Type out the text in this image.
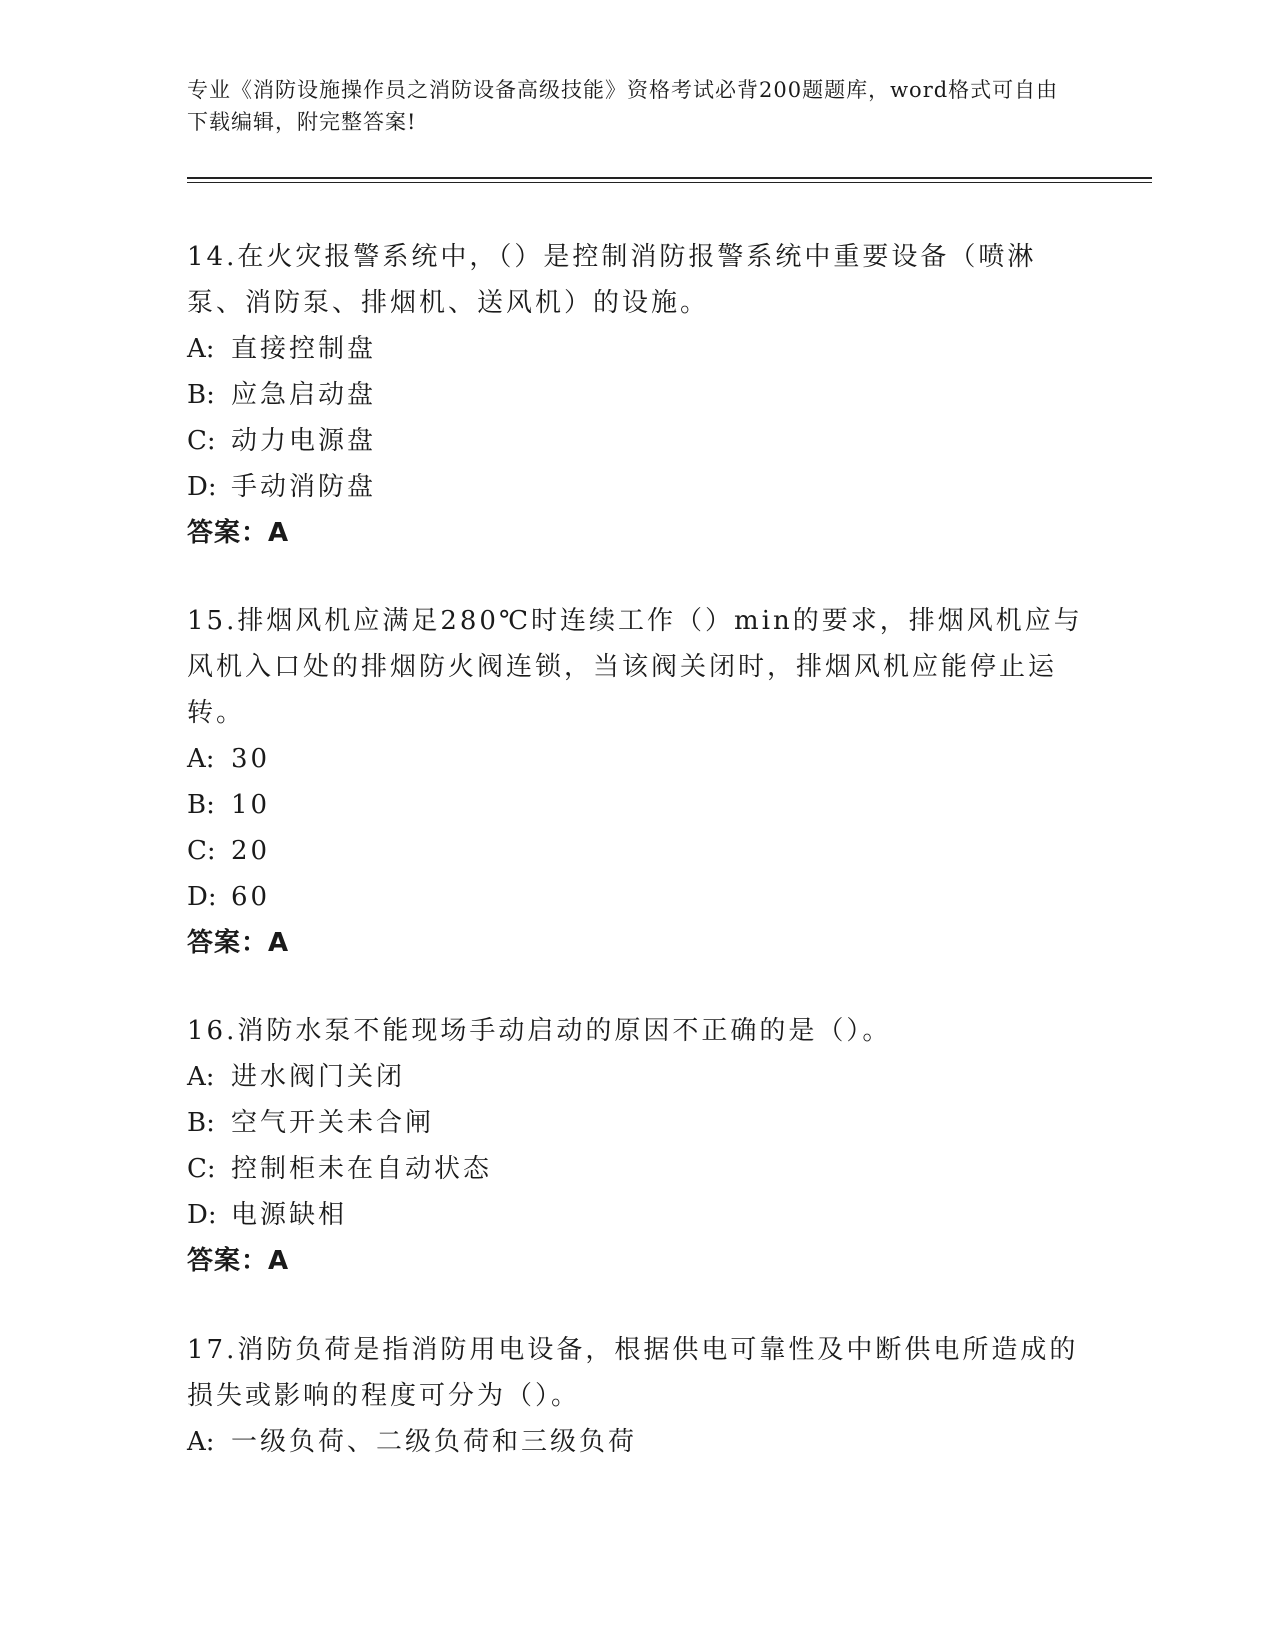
专业《消防设施操作员之消防设备高级技能》资格考试必背200题题库，word格式可自由下载编辑，附完整答案!

14.在火灾报警系统中，（）是控制消防报警系统中重要设备（喷淋泵、消防泵、排烟机、送风机）的设施。

A: 直接控制盘

B: 应急启动盘

C: 动力电源盘

D: 手动消防盘

答案：A

15.排烟风机应满足280℃时连续工作（）min的要求，排烟风机应与风机入口处的排烟防火阀连锁，当该阀关闭时，排烟风机应能停止运转。

A: 30

B: 10

C: 20

D: 60

答案：A

16.消防水泵不能现场手动启动的原因不正确的是（）。

A: 进水阀门关闭

B: 空气开关未合闸

C: 控制柜未在自动状态

D: 电源缺相

答案：A

17.消防负荷是指消防用电设备，根据供电可靠性及中断供电所造成的损失或影响的程度可分为（）。

A: 一级负荷、二级负荷和三级负荷
